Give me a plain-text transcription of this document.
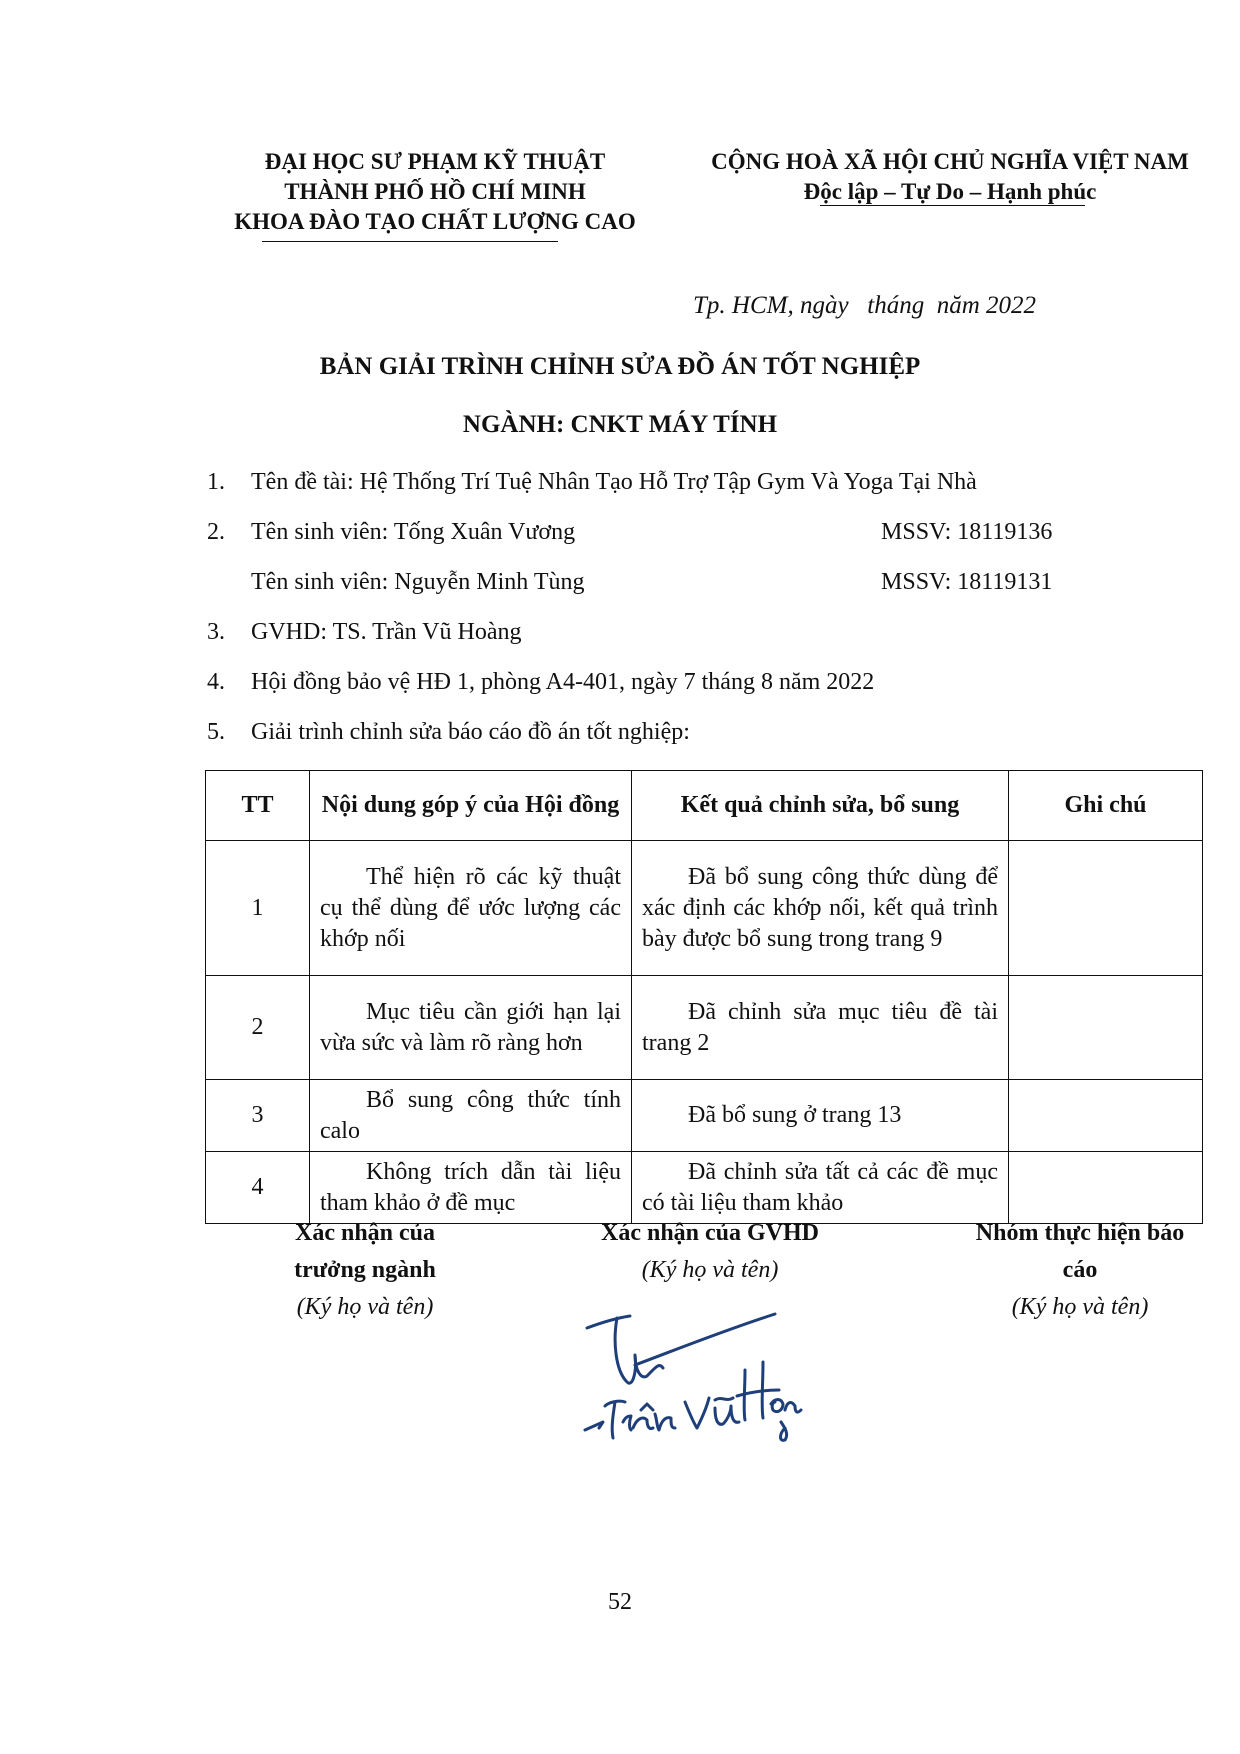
ĐẠI HỌC SƯ PHẠM KỸ THUẬT
THÀNH PHỐ HỒ CHÍ MINH
KHOA ĐÀO TẠO CHẤT LƯỢNG CAO
CỘNG HOÀ XÃ HỘI CHỦ NGHĨA VIỆT NAM
Độc lập – Tự Do – Hạnh phúc
Tp. HCM, ngày   tháng  năm 2022
BẢN GIẢI TRÌNH CHỈNH SỬA ĐỒ ÁN TỐT NGHIỆP
NGÀNH: CNKT MÁY TÍNH
1. Tên đề tài: Hệ Thống Trí Tuệ Nhân Tạo Hỗ Trợ Tập Gym Và Yoga Tại Nhà
2. Tên sinh viên: Tống Xuân Vương	MSSV: 18119136
Tên sinh viên: Nguyễn Minh Tùng	MSSV: 18119131
3. GVHD: TS. Trần Vũ Hoàng
4. Hội đồng bảo vệ HĐ 1, phòng A4-401, ngày 7 tháng 8 năm 2022
5. Giải trình chỉnh sửa báo cáo đồ án tốt nghiệp:
TT	Nội dung góp ý của Hội đồng	Kết quả chỉnh sửa, bổ sung	Ghi chú
1	Thể hiện rõ các kỹ thuật cụ thể dùng để ước lượng các khớp nối	Đã bổ sung công thức dùng để xác định các khớp nối, kết quả trình bày được bổ sung trong trang 9	
2	Mục tiêu cần giới hạn lại vừa sức và làm rõ ràng hơn	Đã chỉnh sửa mục tiêu đề tài trang 2	
3	Bổ sung công thức tính calo	Đã bổ sung ở trang 13	
4	Không trích dẫn tài liệu tham khảo ở đề mục	Đã chỉnh sửa tất cả các đề mục có tài liệu tham khảo	
Xác nhận của
trưởng ngành
(Ký họ và tên)
Xác nhận của GVHD
(Ký họ và tên)
Nhóm thực hiện báo
cáo
(Ký họ và tên)
52
